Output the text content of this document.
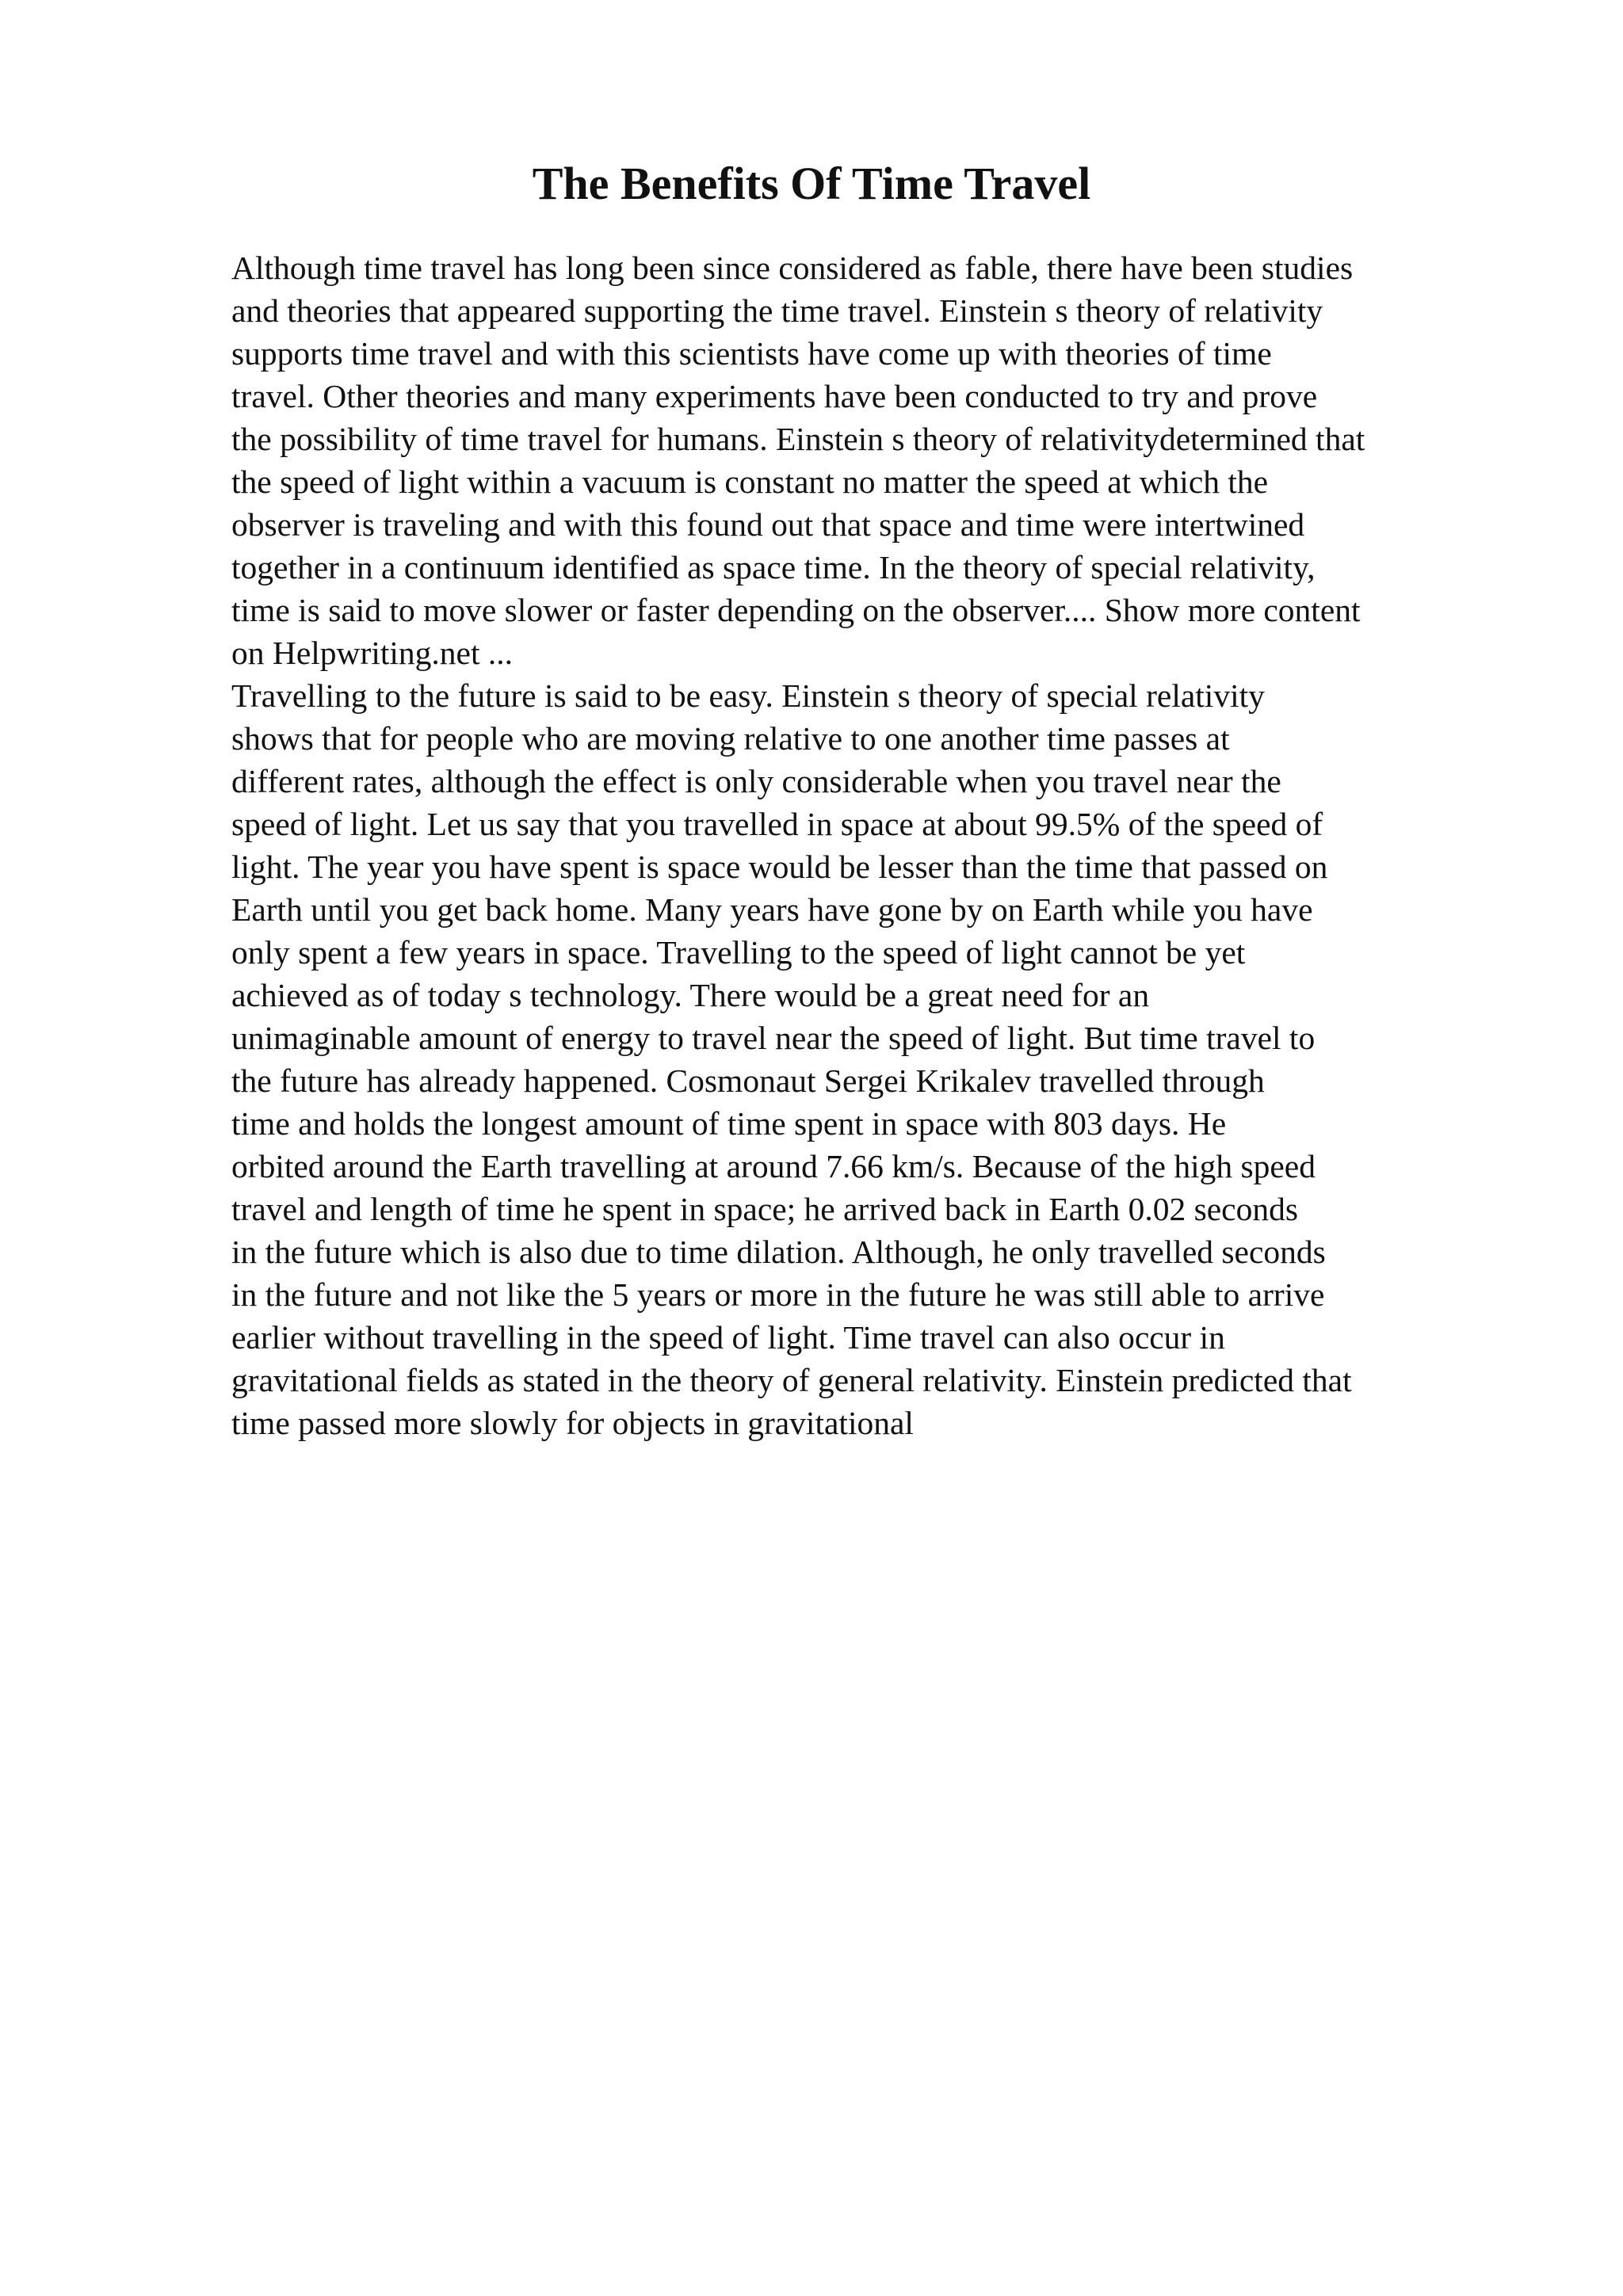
The Benefits Of Time Travel

Although time travel has long been since considered as fable, there have been studies
and theories that appeared supporting the time travel. Einstein s theory of relativity
supports time travel and with this scientists have come up with theories of time
travel. Other theories and many experiments have been conducted to try and prove
the possibility of time travel for humans. Einstein s theory of relativitydetermined that
the speed of light within a vacuum is constant no matter the speed at which the
observer is traveling and with this found out that space and time were intertwined
together in a continuum identified as space time. In the theory of special relativity,
time is said to move slower or faster depending on the observer.... Show more content
on Helpwriting.net ...

Travelling to the future is said to be easy. Einstein s theory of special relativity
shows that for people who are moving relative to one another time passes at
different rates, although the effect is only considerable when you travel near the
speed of light. Let us say that you travelled in space at about 99.5% of the speed of
light. The year you have spent is space would be lesser than the time that passed on
Earth until you get back home. Many years have gone by on Earth while you have
only spent a few years in space. Travelling to the speed of light cannot be yet
achieved as of today s technology. There would be a great need for an
unimaginable amount of energy to travel near the speed of light. But time travel to
the future has already happened. Cosmonaut Sergei Krikalev travelled through
time and holds the longest amount of time spent in space with 803 days. He
orbited around the Earth travelling at around 7.66 km/s. Because of the high speed
travel and length of time he spent in space; he arrived back in Earth 0.02 seconds
in the future which is also due to time dilation. Although, he only travelled seconds
in the future and not like the 5 years or more in the future he was still able to arrive
earlier without travelling in the speed of light. Time travel can also occur in
gravitational fields as stated in the theory of general relativity. Einstein predicted that
time passed more slowly for objects in gravitational
